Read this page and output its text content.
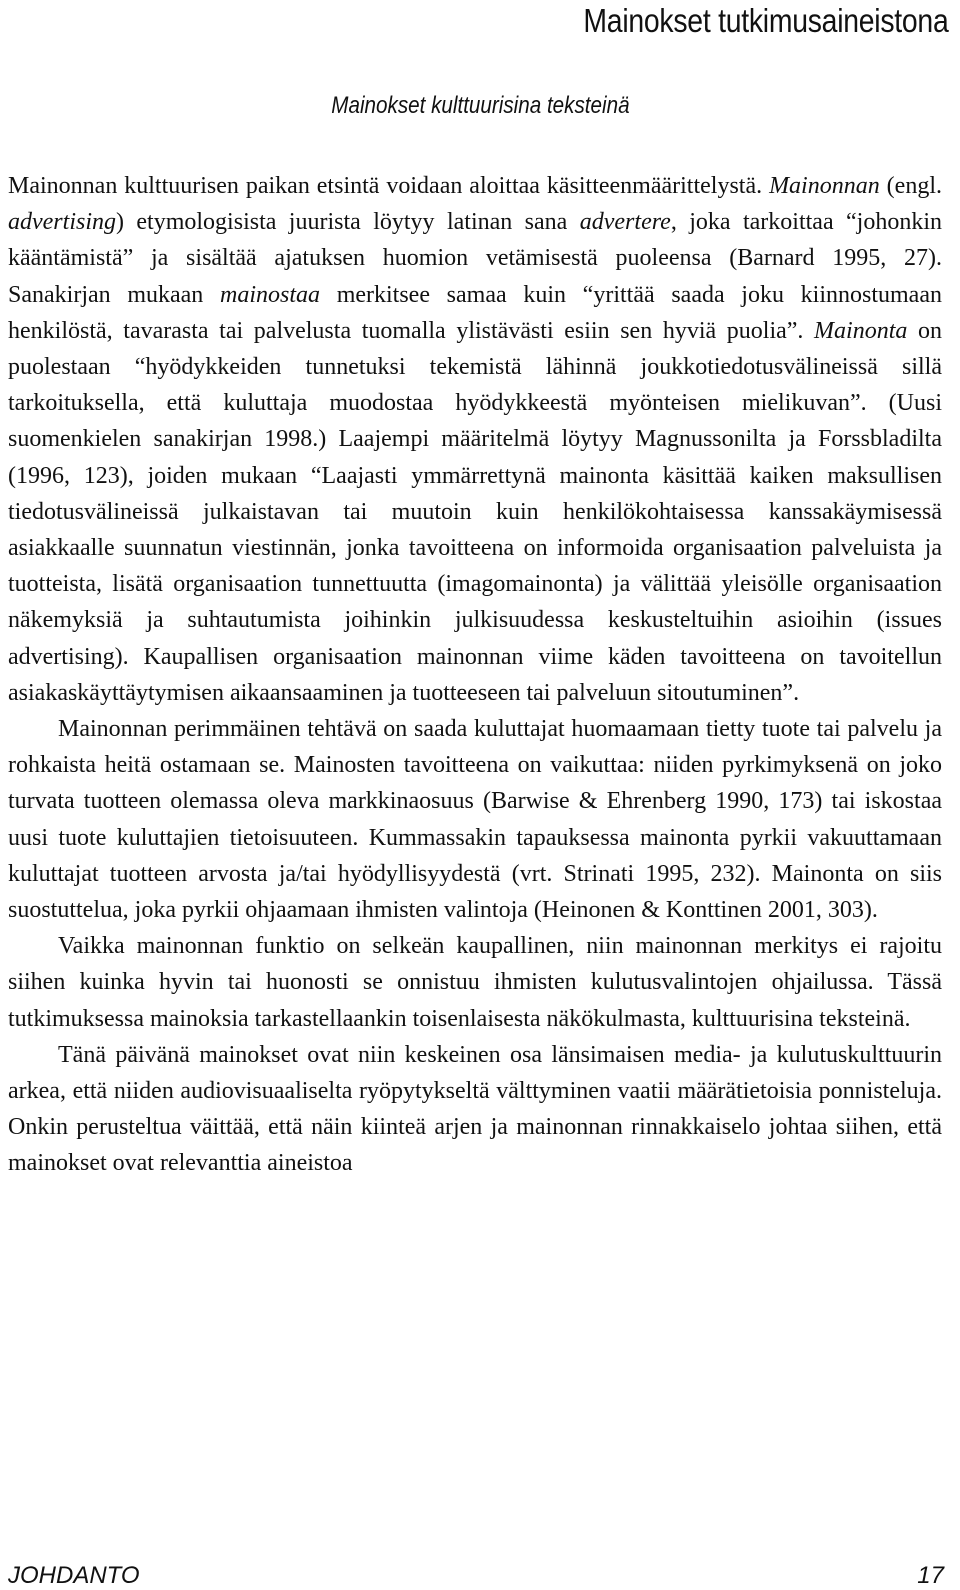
Mainokset tutkimusaineistona
Mainokset kulttuurisina teksteinä

Mainonnan kulttuurisen paikan etsintä voidaan aloittaa käsitteenmäärittelystä. Mainonnan (engl. advertising) etymologisista juurista löytyy latinan sana advertere, joka tarkoittaa “johonkin kääntämistä” ja sisältää ajatuksen huomion vetämisestä puoleensa (Barnard 1995, 27). Sanakirjan mukaan mainostaa merkitsee samaa kuin “yrittää saada joku kiinnostumaan henkilöstä, tavarasta tai palvelusta tuomalla ylistävästi esiin sen hyviä puolia”. Mainonta on puolestaan “hyödykkeiden tunnetuksi tekemistä lähinnä joukkotiedotusvälineissä sillä tarkoituksella, että kuluttaja muodostaa hyödykkeestä myönteisen mielikuvan”. (Uusi suomenkielen sanakirjan 1998.) Laajempi määritelmä löytyy Magnussonilta ja Forssbladilta (1996, 123), joiden mukaan “Laajasti ymmärrettynä mainonta käsittää kaiken maksullisen tiedotusvälineissä julkaistavan tai muutoin kuin henkilökohtaisessa kanssakäymisessä asiakkaalle suunnatun viestinnän, jonka tavoitteena on informoida organisaation palveluista ja tuotteista, lisätä organisaation tunnettuutta (imagomainonta) ja välittää yleisölle organisaation näkemyksiä ja suhtautumista joihinkin julkisuudessa keskusteltuihin asioihin (issues advertising). Kaupallisen organisaation mainonnan viime käden tavoitteena on tavoitellun asiakaskäyttäytymisen aikaansaaminen ja tuotteeseen tai palveluun sitoutuminen”.

Mainonnan perimmäinen tehtävä on saada kuluttajat huomaamaan tietty tuote tai palvelu ja rohkaista heitä ostamaan se. Mainosten tavoitteena on vaikuttaa: niiden pyrkimyksenä on joko turvata tuotteen olemassa oleva markkinaosuus (Barwise & Ehrenberg 1990, 173) tai iskostaa uusi tuote kuluttajien tietoisuuteen. Kummassakin tapauksessa mainonta pyrkii vakuuttamaan kuluttajat tuotteen arvosta ja/tai hyödyllisyydestä (vrt. Strinati 1995, 232). Mainonta on siis suostuttelua, joka pyrkii ohjaamaan ihmisten valintoja (Heinonen & Konttinen 2001, 303).

Vaikka mainonnan funktio on selkeän kaupallinen, niin mainonnan merkitys ei rajoitu siihen kuinka hyvin tai huonosti se onnistuu ihmisten kulutusvalintojen ohjailussa. Tässä tutkimuksessa mainoksia tarkastellaankin toisenlaisesta näkökulmasta, kulttuurisina teksteinä.

Tänä päivänä mainokset ovat niin keskeinen osa länsimaisen media- ja kulutuskulttuurin arkea, että niiden audiovisuaaliselta ryöpytykseltä välttyminen vaatii määrätietoisia ponnisteluja. Onkin perusteltua väittää, että näin kiinteä arjen ja mainonnan rinnakkaiselo johtaa siihen, että mainokset ovat relevanttia aineistoa

JOHDANTO	17
